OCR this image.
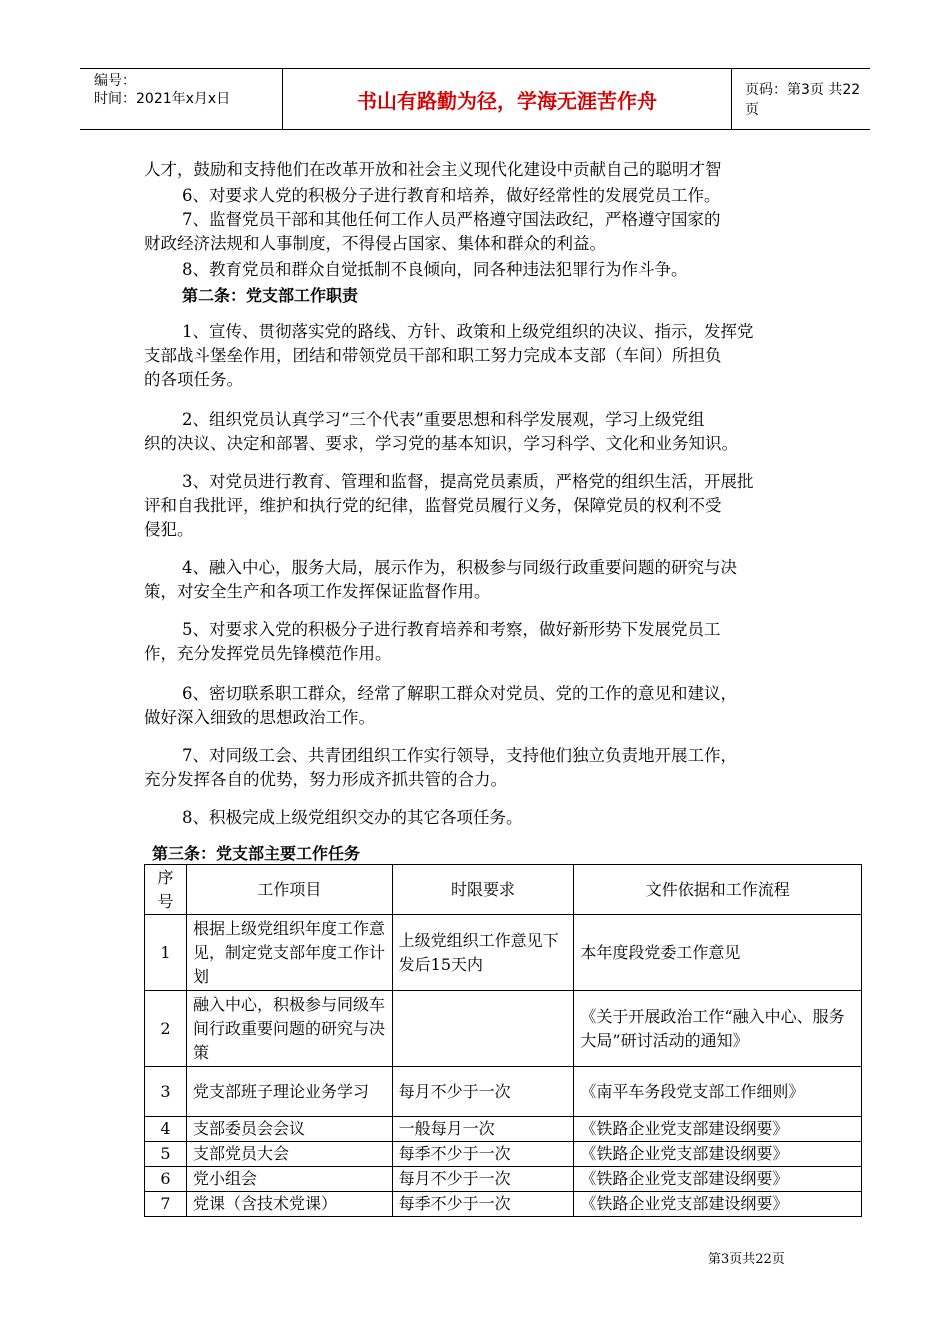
编号：
时间：2021年x月x日	书山有路勤为径，学海无涯苦作舟	页码：第3页 共22页
人才，鼓励和支持他们在改革开放和社会主义现代化建设中贡献自己的聪明才智
6、对要求人党的积极分子进行教育和培养，做好经常性的发展党员工作。
7、监督党员干部和其他任何工作人员严格遵守国法政纪，严格遵守国家的
财政经济法规和人事制度，不得侵占国家、集体和群众的利益。
8、教育党员和群众自觉抵制不良倾向，同各种违法犯罪行为作斗争。
第二条：党支部工作职责
1、宣传、贯彻落实党的路线、方针、政策和上级党组织的决议、指示，发挥党
支部战斗堡垒作用，团结和带领党员干部和职工努力完成本支部（车间）所担负
的各项任务。
2、组织党员认真学习“三个代表”重要思想和科学发展观，学习上级党组
织的决议、决定和部署、要求，学习党的基本知识，学习科学、文化和业务知识。
3、对党员进行教育、管理和监督，提高党员素质，严格党的组织生活，开展批
评和自我批评，维护和执行党的纪律，监督党员履行义务，保障党员的权利不受
侵犯。
4、融入中心，服务大局，展示作为，积极参与同级行政重要问题的研究与决
策，对安全生产和各项工作发挥保证监督作用。
5、对要求入党的积极分子进行教育培养和考察，做好新形势下发展党员工
作，充分发挥党员先锋模范作用。
6、密切联系职工群众，经常了解职工群众对党员、党的工作的意见和建议，
做好深入细致的思想政治工作。
7、对同级工会、共青团组织工作实行领导，支持他们独立负责地开展工作，
充分发挥各自的优势，努力形成齐抓共管的合力。
8、积极完成上级党组织交办的其它各项任务。
第三条：党支部主要工作任务
序号	工作项目	时限要求	文件依据和工作流程
1	根据上级党组织年度工作意见，制定党支部年度工作计划	上级党组织工作意见下发后15天内	本年度段党委工作意见
2	融入中心，积极参与同级车间行政重要问题的研究与决策		《关于开展政治工作“融入中心、服务大局”研讨活动的通知》
3	党支部班子理论业务学习	每月不少于一次	《南平车务段党支部工作细则》
4	支部委员会会议	一般每月一次	《铁路企业党支部建设纲要》
5	支部党员大会	每季不少于一次	《铁路企业党支部建设纲要》
6	党小组会	每月不少于一次	《铁路企业党支部建设纲要》
7	党课（含技术党课）	每季不少于一次	《铁路企业党支部建设纲要》
第3页共22页
